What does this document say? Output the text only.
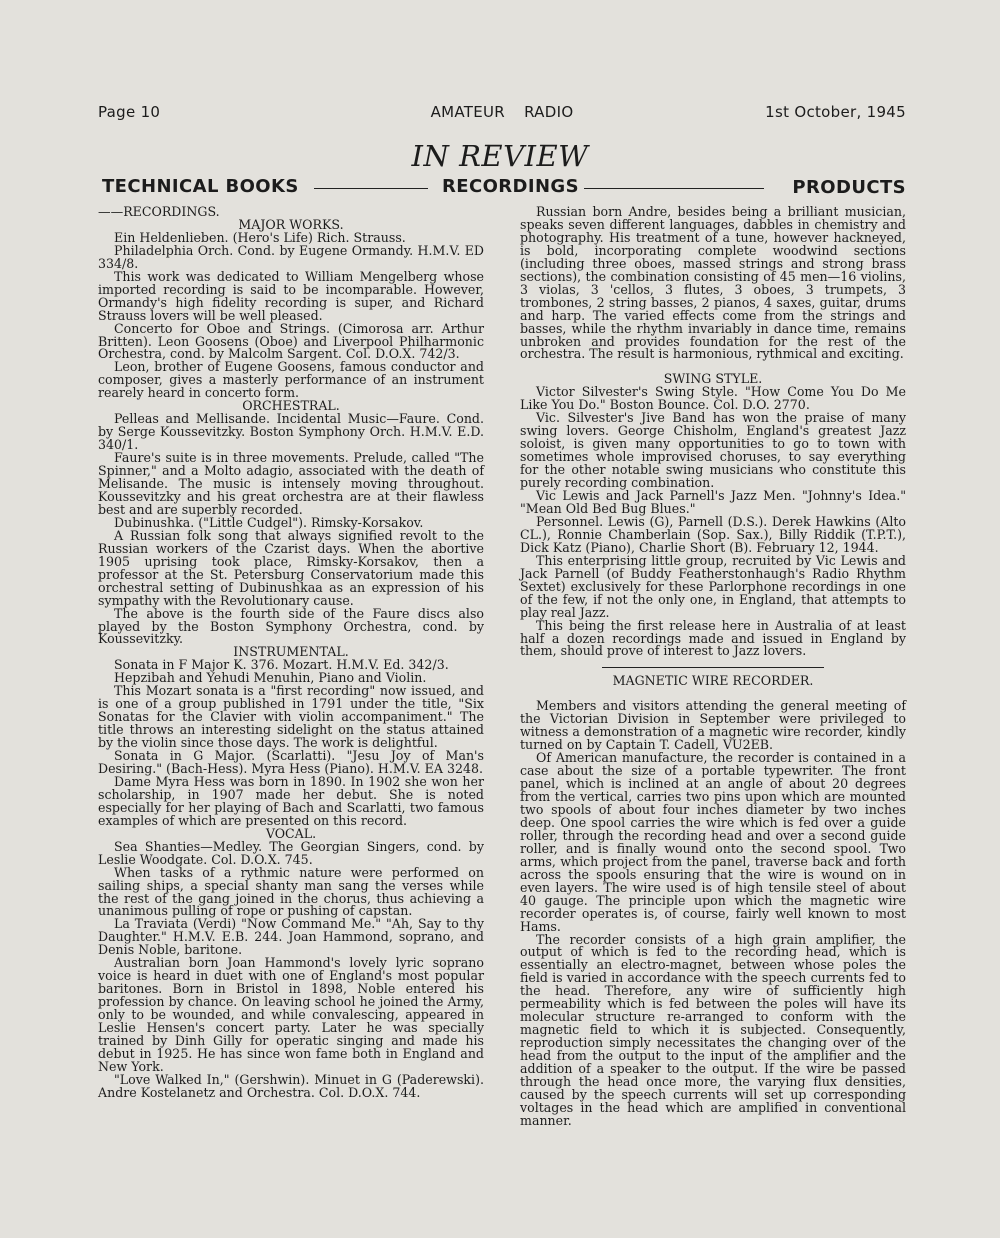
Page 10	AMATEUR RADIO	1st October, 1945
IN REVIEW
TECHNICAL BOOKS	RECORDINGS	PRODUCTS

——RECORDINGS.

MAJOR WORKS.

Ein Heldenlieben. (Hero's Life) Rich. Strauss.

Philadelphia Orch. Cond. by Eugene Ormandy. H.M.V. ED 334/8.

This work was dedicated to William Mengelberg whose imported recording is said to be incomparable. However, Ormandy's high fidelity recording is super, and Richard Strauss lovers will be well pleased.

Concerto for Oboe and Strings. (Cimorosa arr. Arthur Britten). Leon Goosens (Oboe) and Liverpool Philharmonic Orchestra, cond. by Malcolm Sargent. Col. D.O.X. 742/3.

Leon, brother of Eugene Goosens, famous conductor and composer, gives a masterly performance of an instrument rearely heard in concerto form.

ORCHESTRAL.

Pelleas and Mellisande. Incidental Music—Faure. Cond. by Serge Koussevitzky. Boston Symphony Orch. H.M.V. E.D. 340/1.

Faure's suite is in three movements. Prelude, called "The Spinner," and a Molto adagio, associated with the death of Melisande. The music is intensely moving throughout. Koussevitzky and his great orchestra are at their flawless best and are superbly recorded.

Dubinushka. ("Little Cudgel"). Rimsky-Korsakov.

A Russian folk song that always signified revolt to the Russian workers of the Czarist days. When the abortive 1905 uprising took place, Rimsky-Korsakov, then a professor at the St. Petersburg Conservatorium made this orchestral setting of Dubinushkaa as an expression of his sympathy with the Revolutionary cause.

The above is the fourth side of the Faure discs also played by the Boston Symphony Orchestra, cond. by Koussevitzky.

INSTRUMENTAL.

Sonata in F Major K. 376. Mozart. H.M.V. Ed. 342/3.

Hepzibah and Yehudi Menuhin, Piano and Violin.

This Mozart sonata is a "first recording" now issued, and is one of a group published in 1791 under the title, "Six Sonatas for the Clavier with violin accompaniment." The title throws an interesting sidelight on the status attained by the violin since those days. The work is delightful.

Sonata in G Major. (Scarlatti). "Jesu Joy of Man's Desiring." (Bach-Hess). Myra Hess (Piano). H.M.V. EA 3248.

Dame Myra Hess was born in 1890. In 1902 she won her scholarship, in 1907 made her debut. She is noted especially for her playing of Bach and Scarlatti, two famous examples of which are presented on this record.

VOCAL.

Sea Shanties—Medley. The Georgian Singers, cond. by Leslie Woodgate. Col. D.O.X. 745.

When tasks of a rythmic nature were performed on sailing ships, a special shanty man sang the verses while the rest of the gang joined in the chorus, thus achieving a unanimous pulling of rope or pushing of capstan.

La Traviata (Verdi) "Now Command Me." "Ah, Say to thy Daughter." H.M.V. E.B. 244. Joan Hammond, soprano, and Denis Noble, baritone.

Australian born Joan Hammond's lovely lyric soprano voice is heard in duet with one of England's most popular baritones. Born in Bristol in 1898, Noble entered his profession by chance. On leaving school he joined the Army, only to be wounded, and while convalescing, appeared in Leslie Hensen's concert party. Later he was specially trained by Dinh Gilly for operatic singing and made his debut in 1925. He has since won fame both in England and New York.

"Love Walked In," (Gershwin). Minuet in G (Paderewski). Andre Kostelanetz and Orchestra. Col. D.O.X. 744.

Russian born Andre, besides being a brilliant musician, speaks seven different languages, dabbles in chemistry and photography. His treatment of a tune, however hackneyed, is bold, incorporating complete woodwind sections (including three oboes, massed strings and strong brass sections), the combination consisting of 45 men—16 violins, 3 violas, 3 'cellos, 3 flutes, 3 oboes, 3 trumpets, 3 trombones, 2 string basses, 2 pianos, 4 saxes, guitar, drums and harp. The varied effects come from the strings and basses, while the rhythm invariably in dance time, remains unbroken and provides foundation for the rest of the orchestra. The result is harmonious, rythmical and exciting.

SWING STYLE.

Victor Silvester's Swing Style. "How Come You Do Me Like You Do." Boston Bounce. Col. D.O. 2770.

Vic. Silvester's Jive Band has won the praise of many swing lovers. George Chisholm, England's greatest Jazz soloist, is given many opportunities to go to town with sometimes whole improvised choruses, to say everything for the other notable swing musicians who constitute this purely recording combination.

Vic Lewis and Jack Parnell's Jazz Men. "Johnny's Idea." "Mean Old Bed Bug Blues."

Personnel. Lewis (G), Parnell (D.S.). Derek Hawkins (Alto CL.), Ronnie Chamberlain (Sop. Sax.), Billy Riddik (T.P.T.), Dick Katz (Piano), Charlie Short (B). February 12, 1944.

This enterprising little group, recruited by Vic Lewis and Jack Parnell (of Buddy Featherstonhaugh's Radio Rhythm Sextet) exclusively for these Parlorphone recordings in one of the few, if not the only one, in England, that attempts to play real Jazz.

This being the first release here in Australia of at least half a dozen recordings made and issued in England by them, should prove of interest to Jazz lovers.

MAGNETIC WIRE RECORDER.

Members and visitors attending the general meeting of the Victorian Division in September were privileged to witness a demonstration of a magnetic wire recorder, kindly turned on by Captain T. Cadell, VU2EB.

Of American manufacture, the recorder is contained in a case about the size of a portable typewriter. The front panel, which is inclined at an angle of about 20 degrees from the vertical, carries two pins upon which are mounted two spools of about four inches diameter by two inches deep. One spool carries the wire which is fed over a guide roller, through the recording head and over a second guide roller, and is finally wound onto the second spool. Two arms, which project from the panel, traverse back and forth across the spools ensuring that the wire is wound on in even layers. The wire used is of high tensile steel of about 40 gauge. The principle upon which the magnetic wire recorder operates is, of course, fairly well known to most Hams.

The recorder consists of a high grain amplifier, the output of which is fed to the recording head, which is essentially an electro-magnet, between whose poles the field is varied in accordance with the speech currents fed to the head. Therefore, any wire of sufficiently high permeability which is fed between the poles will have its molecular structure re-arranged to conform with the magnetic field to which it is subjected. Consequently, reproduction simply necessitates the changing over of the head from the output to the input of the amplifier and the addition of a speaker to the output. If the wire be passed through the head once more, the varying flux densities, caused by the speech currents will set up corresponding voltages in the head which are amplified in conventional manner.
